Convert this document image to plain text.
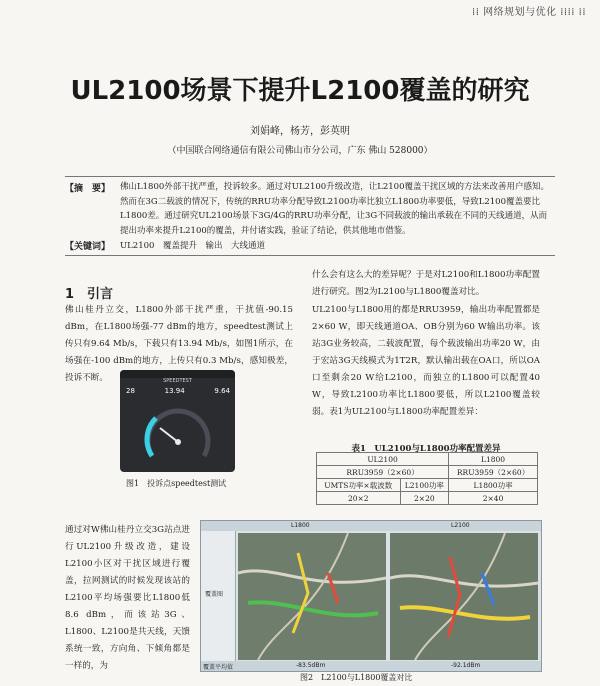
⁞⁞ 网络规划与优化 ⁞⁞⁞⁞ ⁞⁞
UL2100场景下提升L2100覆盖的研究
刘娟峰，杨芳，彭英明
（中国联合网络通信有限公司佛山市分公司，广东 佛山 528000）
【摘　要】 佛山L1800外部干扰严重，投诉较多。通过对UL2100升级改造，让L2100覆盖干扰区域的方法来改善用户感知。然而在3G二载波的情况下，传统的RRU功率分配导致L2100功率比独立L1800功率要低，导致L2100覆盖要比L1800差。通过研究UL2100场景下3G/4G的RRU功率分配，让3G不同载波的输出承载在不同的天线通道，从而提出功率来提升L2100的覆盖，并付诸实践，验证了结论，供其他地市借鉴。
【关键词】 UL2100　覆盖提升　输出　大线通道
1　引言
佛山桂丹立交，L1800外部干扰严重，干扰值-90.15 dBm，在L1800场强-77 dBm的地方，speedtest测试上传只有9.64 Mb/s，下载只有13.94 Mb/s，如图1所示，在场强在-100 dBm的地方，上传只有0.3 Mb/s，感知极差，投诉不断。	SPEEDTEST
28	13.94	9.64
图1　投诉点speedtest测试
什么会有这么大的差异呢？于是对L2100和L1800功率配置进行研究。图2为L2100与L1800覆盖对比。
UL2100与L1800用的都是RRU3959，输出功率配置都是2×60 W，即天线通道OA、OB分别为60 W输出功率。该站3G业务较高，二载波配置，每个载波输出功率20 W，由于宏站3G天线模式为1T2R，默认输出载在OA口，所以OA口至剩余20 W给L2100，而独立的L1800可以配置40 W，导致L2100功率比L1800要低，所以L2100覆盖较弱。表1为UL2100与L1800功率配置差异：
表1　UL2100与L1800功率配置差异
UL2100		L1800
RRU3959（2×60）		RRU3959（2×60）
UMTS功率×载波数	L2100功率	L1800功率
20×2	2×20	2×40
通过对W佛山桂丹立交3G站点进行UL2100升级改造，建设L2100小区对干扰区域进行覆盖，拉网测试的时候发现该站的L2100平均场强要比L1800低8.6 dBm，而该站3G、L1800、L2100是共天线，天馈系统一致，方向角、下倾角都是一样的，为
L1800	L2100
覆盖图
覆盖平均值	-83.5dBm	-92.1dBm
图2　L2100与L1800覆盖对比
